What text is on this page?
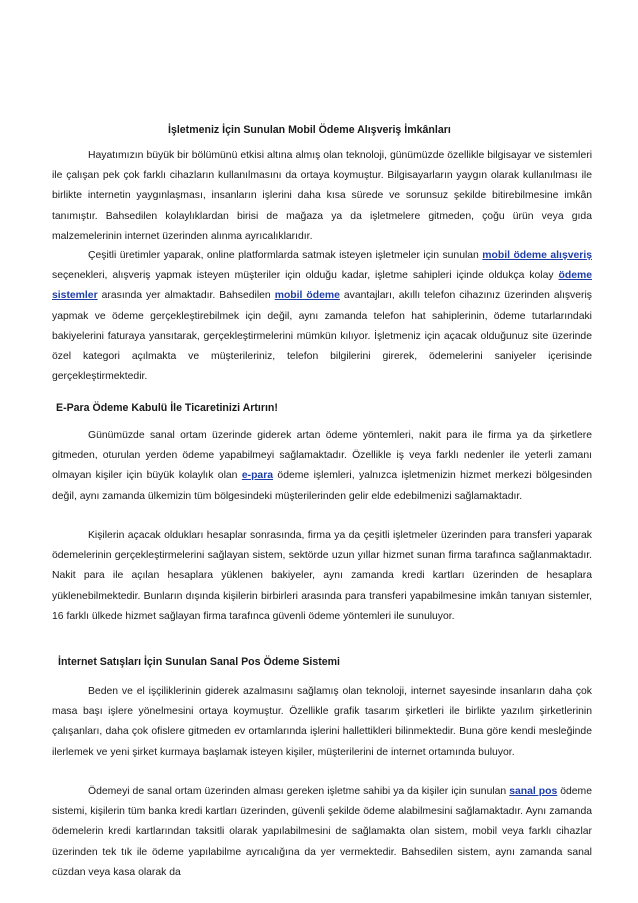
İşletmeniz İçin Sunulan Mobil Ödeme Alışveriş İmkânları

Hayatımızın büyük bir bölümünü etkisi altına almış olan teknoloji, günümüzde özellikle bilgisayar ve sistemleri ile çalışan pek çok farklı cihazların kullanılmasını da ortaya koymuştur. Bilgisayarların yaygın olarak kullanılması ile birlikte internetin yaygınlaşması, insanların işlerini daha kısa sürede ve sorunsuz şekilde bitirebilmesine imkân tanımıştır. Bahsedilen kolaylıklardan birisi de mağaza ya da işletmelere gitmeden, çoğu ürün veya gıda malzemelerinin internet üzerinden alınma ayrıcalıklarıdır.

Çeşitli üretimler yaparak, online platformlarda satmak isteyen işletmeler için sunulan mobil ödeme alışveriş seçenekleri, alışveriş yapmak isteyen müşteriler için olduğu kadar, işletme sahipleri içinde oldukça kolay ödeme sistemler arasında yer almaktadır. Bahsedilen mobil ödeme avantajları, akıllı telefon cihazınız üzerinden alışveriş yapmak ve ödeme gerçekleştirebilmek için değil, aynı zamanda telefon hat sahiplerinin, ödeme tutarlarındaki bakiyelerini faturaya yansıtarak, gerçekleştirmelerini mümkün kılıyor. İşletmeniz için açacak olduğunuz site üzerinde özel kategori açılmakta ve müşterileriniz, telefon bilgilerini girerek, ödemelerini saniyeler içerisinde gerçekleştirmektedir.

E-Para Ödeme Kabulü İle Ticaretinizi Artırın!

Günümüzde sanal ortam üzerinde giderek artan ödeme yöntemleri, nakit para ile firma ya da şirketlere gitmeden, oturulan yerden ödeme yapabilmeyi sağlamaktadır. Özellikle iş veya farklı nedenler ile yeterli zamanı olmayan kişiler için büyük kolaylık olan e-para ödeme işlemleri, yalnızca işletmenizin hizmet merkezi bölgesinden değil, aynı zamanda ülkemizin tüm bölgesindeki müşterilerinden gelir elde edebilmenizi sağlamaktadır.

Kişilerin açacak oldukları hesaplar sonrasında, firma ya da çeşitli işletmeler üzerinden para transferi yaparak ödemelerinin gerçekleştirmelerini sağlayan sistem, sektörde uzun yıllar hizmet sunan firma tarafınca sağlanmaktadır. Nakit para ile açılan hesaplara yüklenen bakiyeler, aynı zamanda kredi kartları üzerinden de hesaplara yüklenebilmektedir. Bunların dışında kişilerin birbirleri arasında para transferi yapabilmesine imkân tanıyan sistemler, 16 farklı ülkede hizmet sağlayan firma tarafınca güvenli ödeme yöntemleri ile sunuluyor.

İnternet Satışları İçin Sunulan Sanal Pos Ödeme Sistemi

Beden ve el işçiliklerinin giderek azalmasını sağlamış olan teknoloji, internet sayesinde insanların daha çok masa başı işlere yönelmesini ortaya koymuştur. Özellikle grafik tasarım şirketleri ile birlikte yazılım şirketlerinin çalışanları, daha çok ofislere gitmeden ev ortamlarında işlerini hallettikleri bilinmektedir. Buna göre kendi mesleğinde ilerlemek ve yeni şirket kurmaya başlamak isteyen kişiler, müşterilerini de internet ortamında buluyor.

Ödemeyi de sanal ortam üzerinden alması gereken işletme sahibi ya da kişiler için sunulan sanal pos ödeme sistemi, kişilerin tüm banka kredi kartları üzerinden, güvenli şekilde ödeme alabilmesini sağlamaktadır. Aynı zamanda ödemelerin kredi kartlarından taksitli olarak yapılabilmesini de sağlamakta olan sistem, mobil veya farklı cihazlar üzerinden tek tık ile ödeme yapılabilme ayrıcalığına da yer vermektedir. Bahsedilen sistem, aynı zamanda sanal cüzdan veya kasa olarak da
